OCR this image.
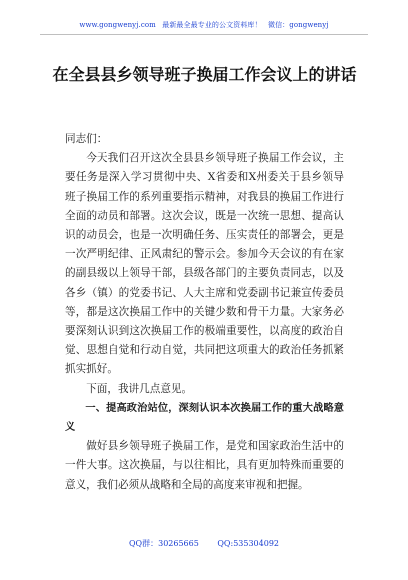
www.gongwenyj.com 最新最全最专业的公文资料库！ 微信：gongwenyj
在全县县乡领导班子换届工作会议上的讲话

同志们：

今天我们召开这次全县县乡领导班子换届工作会议，主要任务是深入学习贯彻中央、X省委和X州委关于县乡领导班子换届工作的系列重要指示精神，对我县的换届工作进行全面的动员和部署。这次会议，既是一次统一思想、提高认识的动员会，也是一次明确任务、压实责任的部署会，更是一次严明纪律、正风肃纪的警示会。参加今天会议的有在家的副县级以上领导干部，县级各部门的主要负责同志，以及各乡（镇）的党委书记、人大主席和党委副书记兼宣传委员等，都是这次换届工作中的关键少数和骨干力量。大家务必要深刻认识到这次换届工作的极端重要性，以高度的政治自觉、思想自觉和行动自觉，共同把这项重大的政治任务抓紧抓实抓好。

下面，我讲几点意见。

一、提高政治站位，深刻认识本次换届工作的重大战略意义

做好县乡领导班子换届工作，是党和国家政治生活中的一件大事。这次换届，与以往相比，具有更加特殊而重要的意义，我们必须从战略和全局的高度来审视和把握。

QQ群：30265665 QQ:535304092
